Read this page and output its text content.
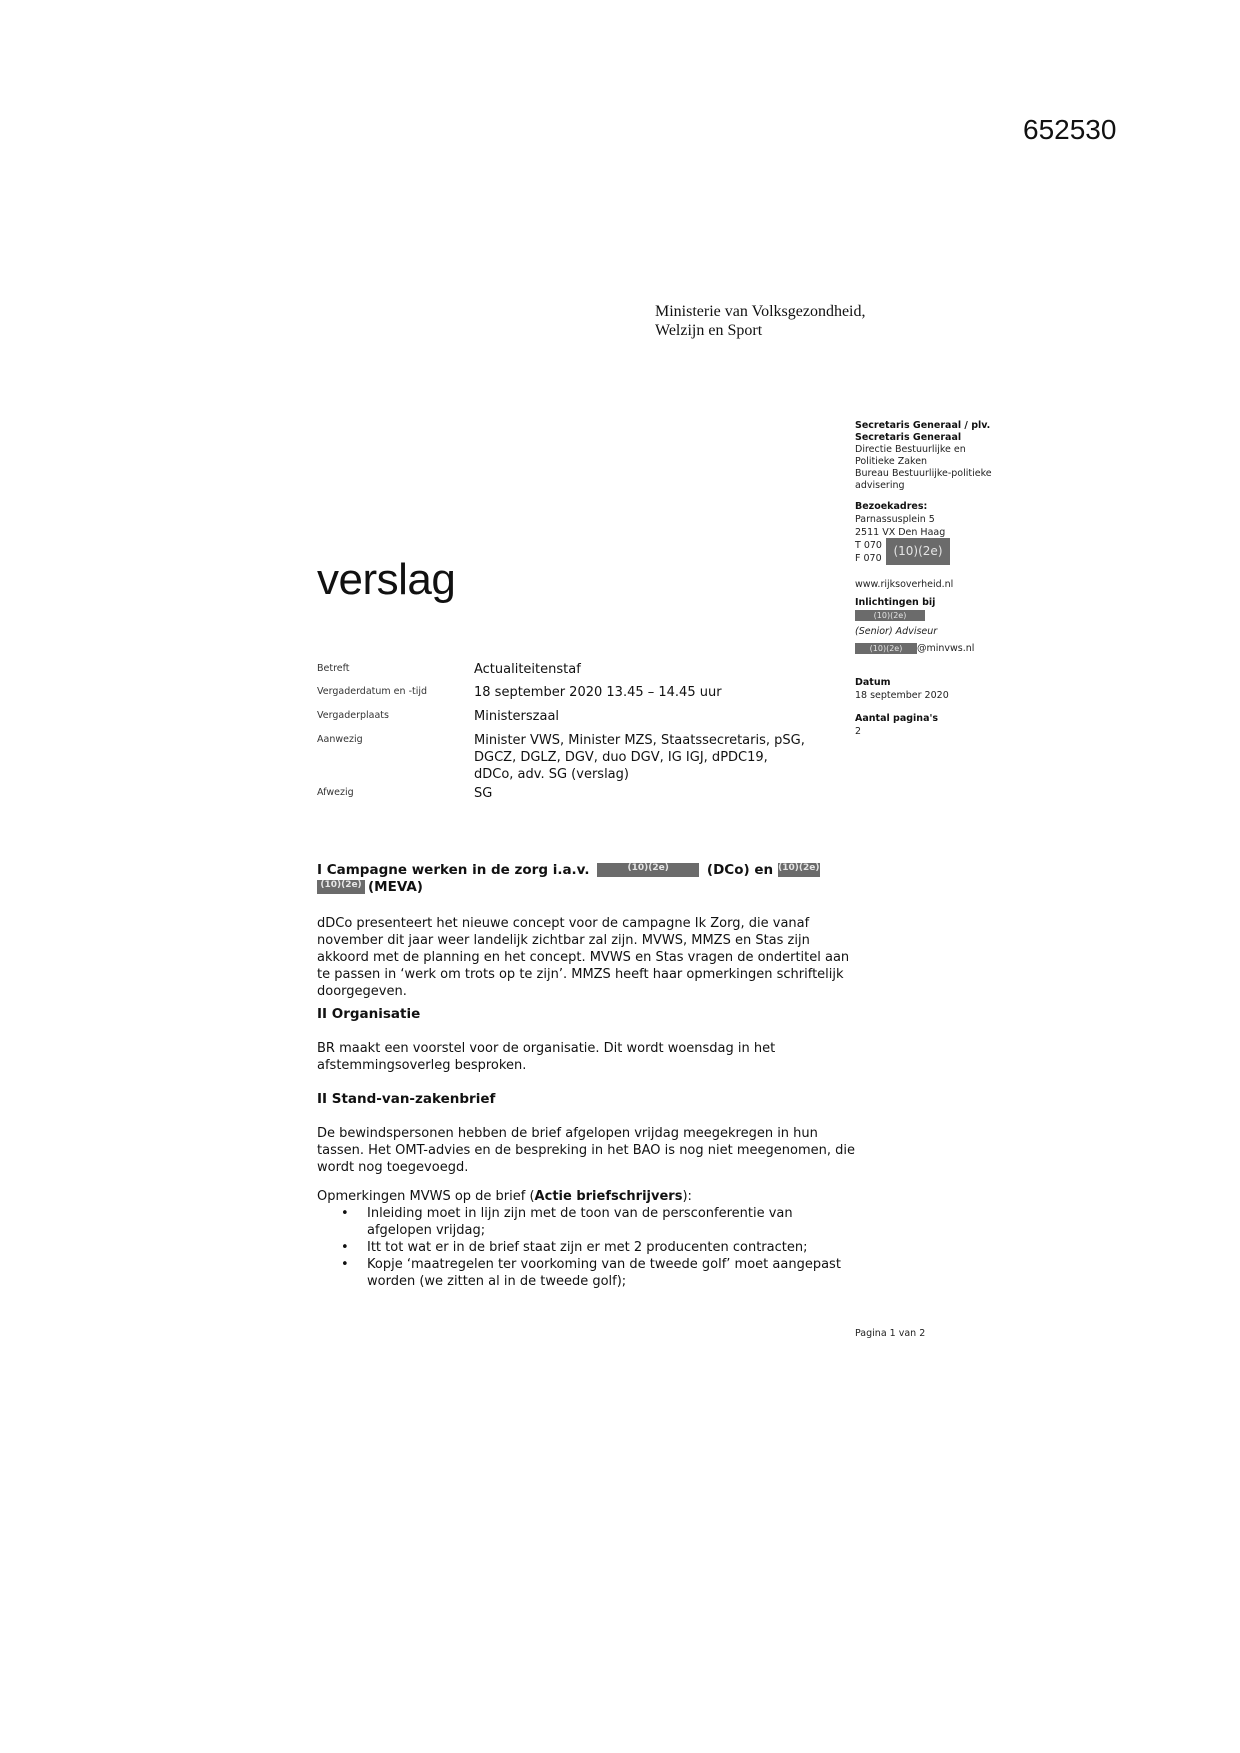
652530
Ministerie van Volksgezondheid,
Welzijn en Sport
verslag
Secretaris Generaal / plv.
Secretaris Generaal
Directie Bestuurlijke en
Politieke Zaken
Bureau Bestuurlijke-politieke
advisering
Bezoekadres:
Parnassusplein 5
2511 VX Den Haag
T 070
F 070
(10)(2e)
www.rijksoverheid.nl
Inlichtingen bij
(10)(2e)
(Senior) Adviseur
(10)(2e) @minvws.nl
Datum
18 september 2020
Aantal pagina's
2
Betreft	Actualiteitenstaf
Vergaderdatum en -tijd	18 september 2020 13.45 – 14.45 uur
Vergaderplaats	Ministerszaal
Aanwezig	Minister VWS, Minister MZS, Staatssecretaris, pSG,
DGCZ, DGLZ, DGV, duo DGV, IG IGJ, dPDC19,
dDCo, adv. SG (verslag)
Afwezig	SG
I Campagne werken in de zorg i.a.v.	(10)(2e)	(DCo) en (10)(2e)
(10)(2e) (MEVA)
dDCo presenteert het nieuwe concept voor de campagne Ik Zorg, die vanaf november dit jaar weer landelijk zichtbar zal zijn. MVWS, MMZS en Stas zijn akkoord met de planning en het concept. MVWS en Stas vragen de ondertitel aan te passen in ‘werk om trots op te zijn’. MMZS heeft haar opmerkingen schriftelijk doorgegeven.
II Organisatie
BR maakt een voorstel voor de organisatie. Dit wordt woensdag in het afstemmingsoverleg besproken.
II Stand-van-zakenbrief
De bewindspersonen hebben de brief afgelopen vrijdag meegekregen in hun tassen. Het OMT-advies en de bespreking in het BAO is nog niet meegenomen, die wordt nog toegevoegd.
Opmerkingen MVWS op de brief (Actie briefschrijvers):
• Inleiding moet in lijn zijn met de toon van de persconferentie van afgelopen vrijdag;
• Itt tot wat er in de brief staat zijn er met 2 producenten contracten;
• Kopje ‘maatregelen ter voorkoming van de tweede golf’ moet aangepast worden (we zitten al in de tweede golf);
Pagina 1 van 2
